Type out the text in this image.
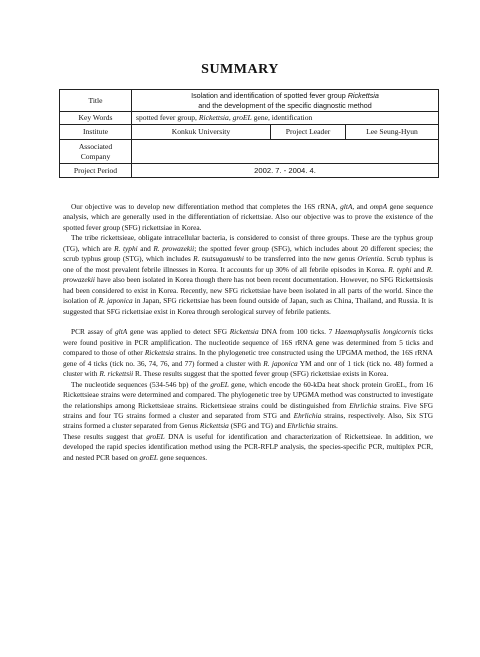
SUMMARY
Title	Isolation and identification of spotted fever group Rickettsia
and the development of the specific diagnostic method		
Key Words	spotted fever group, Rickettsia, groEL gene, identification		
Institute	Konkuk University	Project Leader	Lee Seung-Hyun
Associated
Company			
Project Period	2002. 7. - 2004. 4.		

Our objective was to develop new differentiation method that completes the 16S rRNA, gltA, and ompA gene sequence analysis, which are generally used in the differentiation of rickettsiae. Also our objective was to prove the existence of the spotted fever group (SFG) rickettsiae in Korea.

The tribe rickettsieae, obligate intracellular bacteria, is considered to consist of three groups. These are the typhus group (TG), which are R. typhi and R. prowazekii; the spotted fever group (SFG), which includes about 20 different species; the scrub typhus group (STG), which includes R. tsutsugamushi to be transferred into the new genus Orientia. Scrub typhus is one of the most prevalent febrile illnesses in Korea. It accounts for up 30% of all febrile episodes in Korea. R. typhi and R. prowazekii have also been isolated in Korea though there has not been recent documentation. However, no SFG Rickettsiosis had been considered to exist in Korea. Recently, new SFG rickettsiae have been isolated in all parts of the world. Since the isolation of R. japonica in Japan, SFG rickettsiae has been found outside of Japan, such as China, Thailand, and Russia. It is suggested that SFG rickettsiae exist in Korea through serological survey of febrile patients.

PCR assay of gltA gene was applied to detect SFG Rickettsia DNA from 100 ticks. 7 Haemaphysalis longicornis ticks were found positive in PCR amplification. The nucleotide sequence of 16S rRNA gene was determined from 5 ticks and compared to those of other Rickettsia strains. In the phylogenetic tree constructed using the UPGMA method, the 16S rRNA gene of 4 ticks (tick no. 36, 74, 76, and 77) formed a cluster with R. japonica YM and onr of 1 tick (tick no. 48) formed a cluster with R. rickettsii R. These results suggest that the spotted fever group (SFG) rickettsiae exists in Korea.

The nucleotide sequences (534-546 bp) of the groEL gene, which encode the 60-kDa heat shock protein GroEL, from 16 Rickettsieae strains were determined and compared. The phylogenetic tree by UPGMA method was constructed to investigate the relationships among Rickettsieae strains. Rickettsieae strains could be distinguished from Ehrlichia strains. Five SFG strains and four TG strains formed a cluster and separated from STG and Ehrlichia strains, respectively. Also, Six STG strains formed a cluster separated from Genus Rickettsia (SFG and TG) and Ehrlichia strains.

These results suggest that groEL DNA is useful for identification and characterization of Rickettsieae. In addition, we developed the rapid species identification method using the PCR-RFLP analysis, the species-specific PCR, multiplex PCR, and nested PCR based on groEL gene sequences.
